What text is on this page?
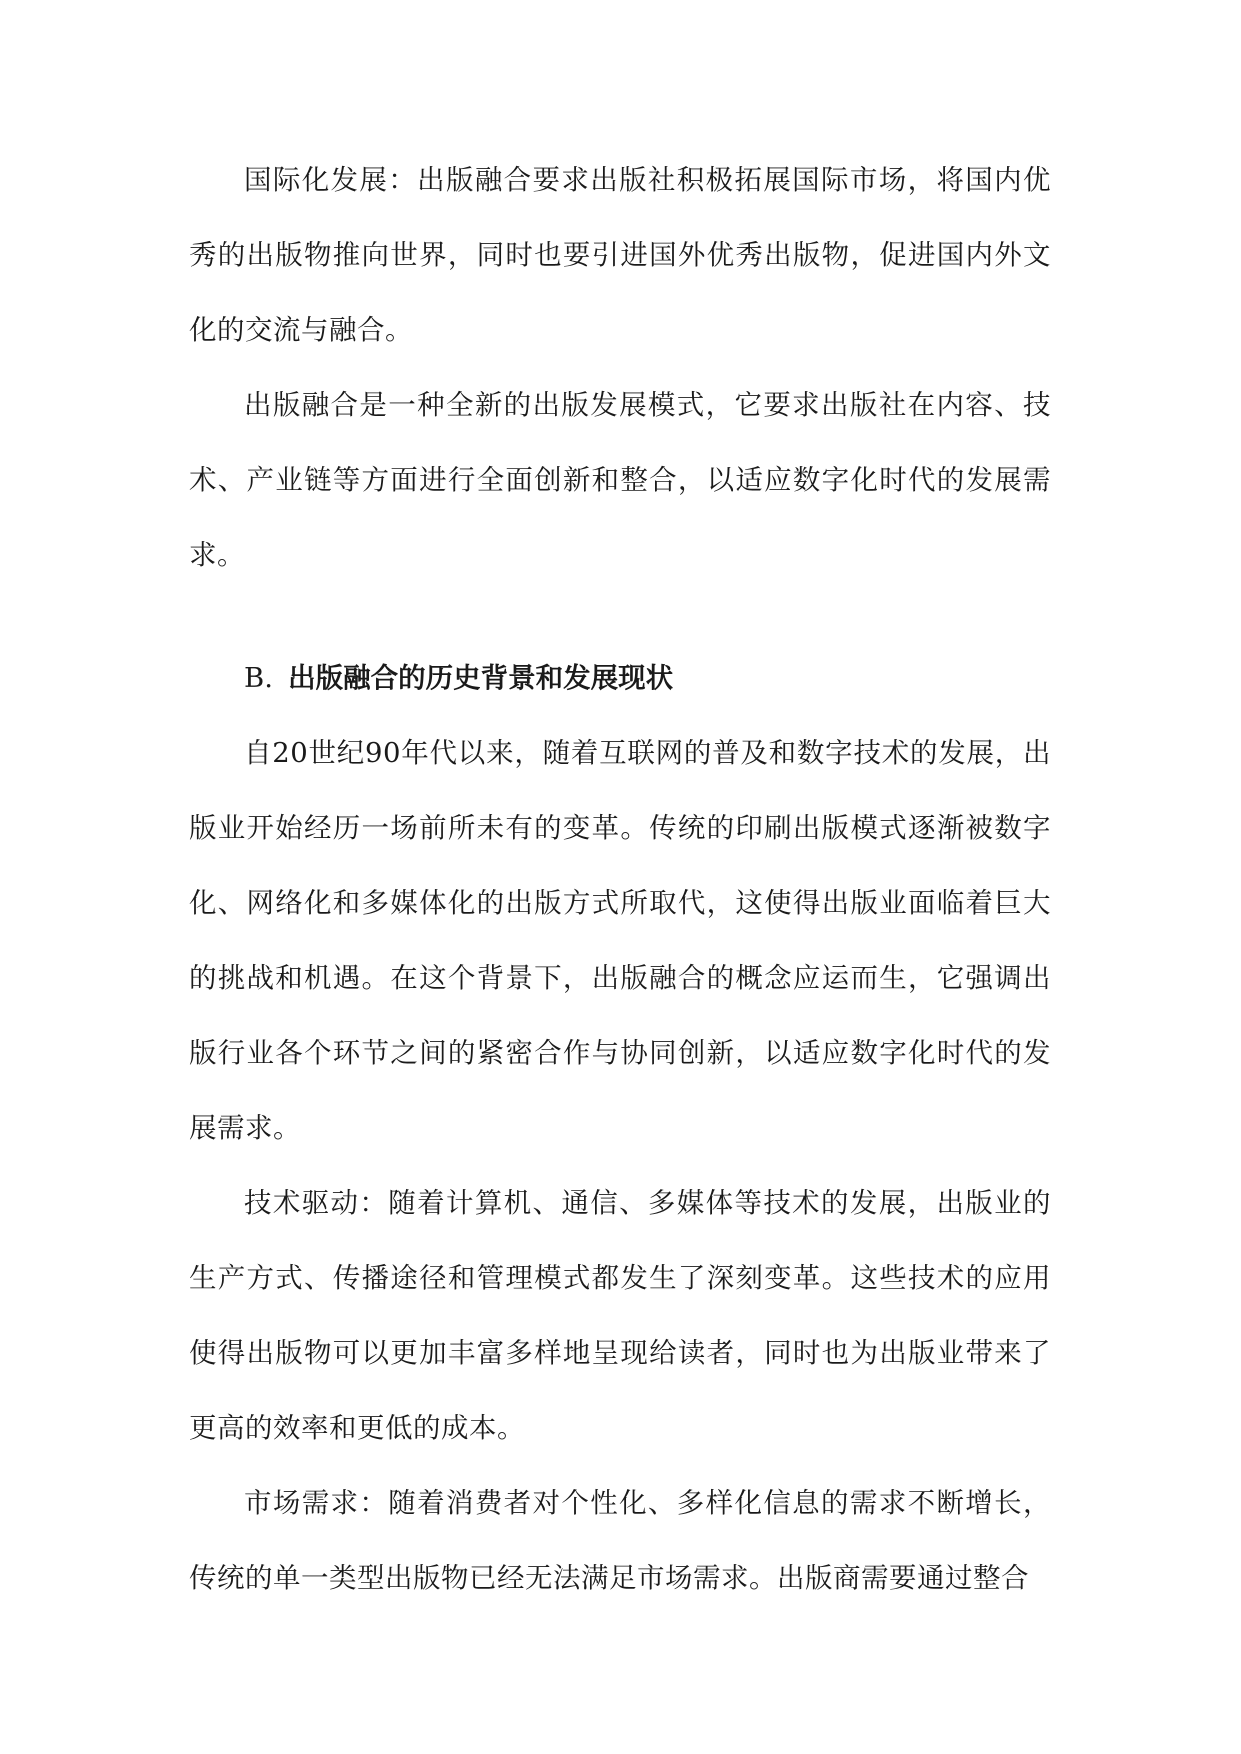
国际化发展：出版融合要求出版社积极拓展国际市场，将国内优秀的出版物推向世界，同时也要引进国外优秀出版物，促进国内外文化的交流与融合。

出版融合是一种全新的出版发展模式，它要求出版社在内容、技术、产业链等方面进行全面创新和整合，以适应数字化时代的发展需求。

B. 出版融合的历史背景和发展现状

自20世纪90年代以来，随着互联网的普及和数字技术的发展，出版业开始经历一场前所未有的变革。传统的印刷出版模式逐渐被数字化、网络化和多媒体化的出版方式所取代，这使得出版业面临着巨大的挑战和机遇。在这个背景下，出版融合的概念应运而生，它强调出版行业各个环节之间的紧密合作与协同创新，以适应数字化时代的发展需求。

技术驱动：随着计算机、通信、多媒体等技术的发展，出版业的生产方式、传播途径和管理模式都发生了深刻变革。这些技术的应用使得出版物可以更加丰富多样地呈现给读者，同时也为出版业带来了更高的效率和更低的成本。

市场需求：随着消费者对个性化、多样化信息的需求不断增长，传统的单一类型出版物已经无法满足市场需求。出版商需要通过整合
